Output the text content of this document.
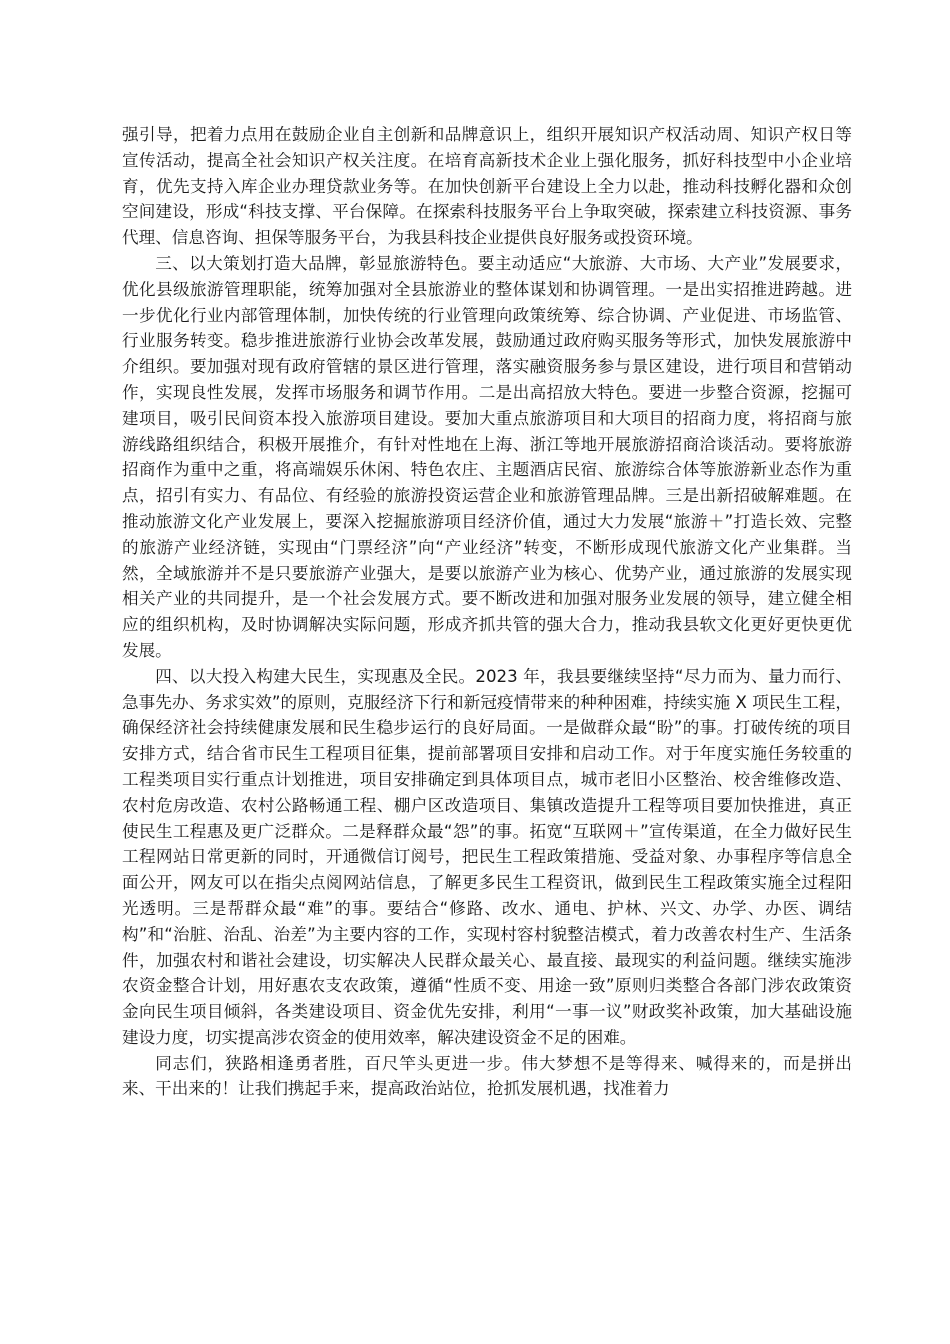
强引导，把着力点用在鼓励企业自主创新和品牌意识上，组织开展知识产权活动周、知识产权日等宣传活动，提高全社会知识产权关注度。在培育高新技术企业上强化服务，抓好科技型中小企业培育，优先支持入库企业办理贷款业务等。在加快创新平台建设上全力以赴，推动科技孵化器和众创空间建设，形成“科技支撑、平台保障。在探索科技服务平台上争取突破，探索建立科技资源、事务代理、信息咨询、担保等服务平台，为我县科技企业提供良好服务或投资环境。

三、以大策划打造大品牌，彰显旅游特色。要主动适应“大旅游、大市场、大产业”发展要求，优化县级旅游管理职能，统筹加强对全县旅游业的整体谋划和协调管理。一是出实招推进跨越。进一步优化行业内部管理体制，加快传统的行业管理向政策统筹、综合协调、产业促进、市场监管、行业服务转变。稳步推进旅游行业协会改革发展，鼓励通过政府购买服务等形式，加快发展旅游中介组织。要加强对现有政府管辖的景区进行管理，落实融资服务参与景区建设，进行项目和营销动作，实现良性发展，发挥市场服务和调节作用。二是出高招放大特色。要进一步整合资源，挖掘可建项目，吸引民间资本投入旅游项目建设。要加大重点旅游项目和大项目的招商力度，将招商与旅游线路组织结合，积极开展推介，有针对性地在上海、浙江等地开展旅游招商洽谈活动。要将旅游招商作为重中之重，将高端娱乐休闲、特色农庄、主题酒店民宿、旅游综合体等旅游新业态作为重点，招引有实力、有品位、有经验的旅游投资运营企业和旅游管理品牌。三是出新招破解难题。在推动旅游文化产业发展上，要深入挖掘旅游项目经济价值，通过大力发展“旅游＋”打造长效、完整的旅游产业经济链，实现由“门票经济”向“产业经济”转变，不断形成现代旅游文化产业集群。当然，全域旅游并不是只要旅游产业强大，是要以旅游产业为核心、优势产业，通过旅游的发展实现相关产业的共同提升，是一个社会发展方式。要不断改进和加强对服务业发展的领导，建立健全相应的组织机构，及时协调解决实际问题，形成齐抓共管的强大合力，推动我县软文化更好更快更优发展。

四、以大投入构建大民生，实现惠及全民。2023 年，我县要继续坚持“尽力而为、量力而行、急事先办、务求实效”的原则，克服经济下行和新冠疫情带来的种种困难，持续实施 X 项民生工程，确保经济社会持续健康发展和民生稳步运行的良好局面。一是做群众最“盼”的事。打破传统的项目安排方式，结合省市民生工程项目征集，提前部署项目安排和启动工作。对于年度实施任务较重的工程类项目实行重点计划推进，项目安排确定到具体项目点，城市老旧小区整治、校舍维修改造、农村危房改造、农村公路畅通工程、棚户区改造项目、集镇改造提升工程等项目要加快推进，真正使民生工程惠及更广泛群众。二是释群众最“怨”的事。拓宽“互联网＋”宣传渠道，在全力做好民生工程网站日常更新的同时，开通微信订阅号，把民生工程政策措施、受益对象、办事程序等信息全面公开，网友可以在指尖点阅网站信息，了解更多民生工程资讯，做到民生工程政策实施全过程阳光透明。三是帮群众最“难”的事。要结合“修路、改水、通电、护林、兴文、办学、办医、调结构”和“治脏、治乱、治差”为主要内容的工作，实现村容村貌整洁模式，着力改善农村生产、生活条件，加强农村和谐社会建设，切实解决人民群众最关心、最直接、最现实的利益问题。继续实施涉农资金整合计划，用好惠农支农政策，遵循“性质不变、用途一致”原则归类整合各部门涉农政策资金向民生项目倾斜，各类建设项目、资金优先安排，利用“一事一议”财政奖补政策，加大基础设施建设力度，切实提高涉农资金的使用效率，解决建设资金不足的困难。

同志们，狭路相逢勇者胜，百尺竿头更进一步。伟大梦想不是等得来、喊得来的，而是拼出来、干出来的！让我们携起手来，提高政治站位，抢抓发展机遇，找准着力
